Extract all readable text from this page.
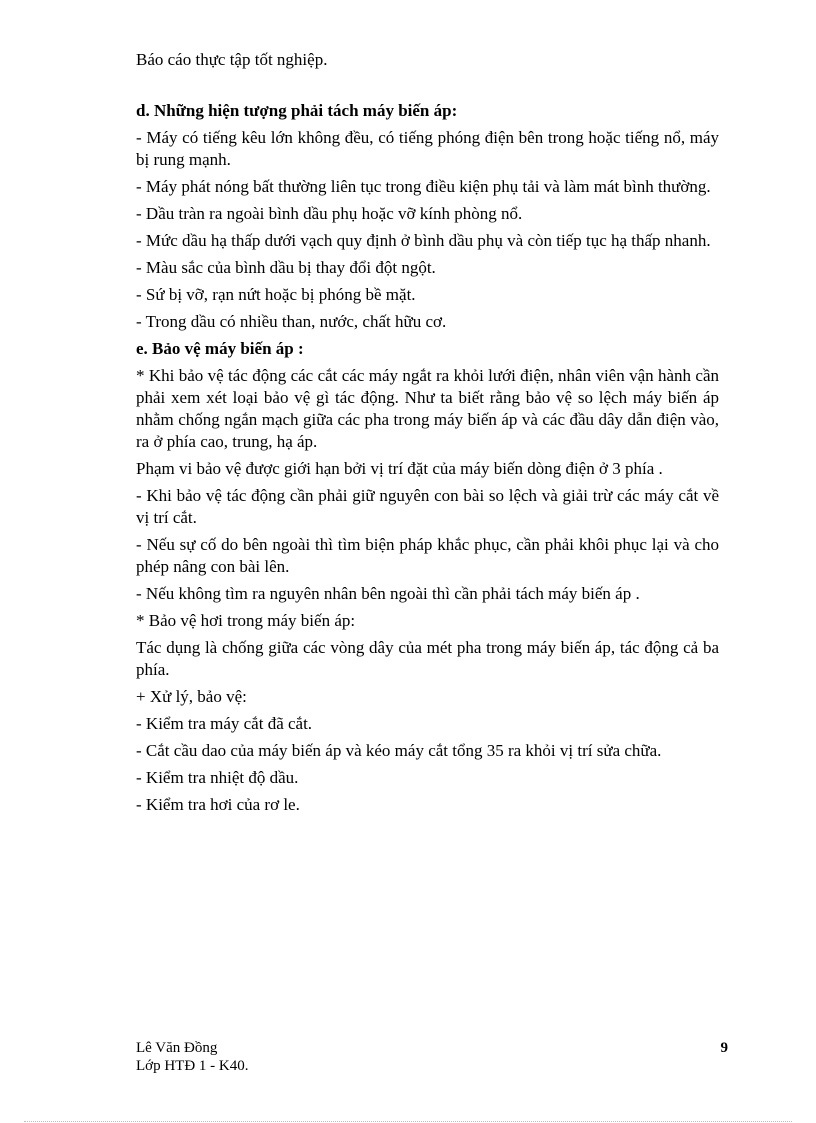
Báo cáo thực tập tốt nghiệp.

d. Những hiện tượng phải tách máy biến áp:

- Máy có tiếng kêu lớn không đều, có tiếng phóng điện bên trong hoặc tiếng nổ, máy bị rung mạnh.

- Máy phát nóng bất thường liên tục trong điều kiện phụ tải và làm mát bình thường.

- Dầu tràn ra ngoài bình dầu phụ hoặc vỡ kính phòng nổ.

- Mức dầu hạ thấp dưới vạch quy định ở bình dầu phụ và còn tiếp tục hạ thấp nhanh.

- Màu sắc của bình dầu bị thay đổi đột ngột.

- Sứ bị vỡ, rạn nứt hoặc bị phóng bề mặt.

- Trong dầu có nhiều than, nước, chất hữu cơ.

e. Bảo vệ máy biến áp :

* Khi bảo vệ tác động các cắt các máy ngắt ra khỏi lưới điện, nhân viên vận hành cần phải xem xét loại bảo vệ gì tác động. Như ta biết rằng bảo vệ so lệch máy biến áp nhằm chống ngắn mạch giữa các pha trong máy biến áp và các đầu dây dẫn điện vào, ra ở phía cao, trung, hạ áp.

Phạm vi bảo vệ được giới hạn bởi vị trí đặt của máy biến dòng điện ở 3 phía .

- Khi bảo vệ tác động cần phải giữ nguyên con bài so lệch và giải trừ các máy cắt về vị trí cắt.

- Nếu sự cố do bên ngoài thì tìm biện pháp khắc phục, cần phải khôi phục lại và cho phép nâng con bài lên.

- Nếu không tìm ra nguyên nhân bên ngoài thì cần phải tách máy biến áp .

* Bảo vệ hơi trong máy biến áp:

Tác dụng là chống giữa các vòng dây của mét pha trong máy biến áp, tác động cả ba phía.

+ Xử lý, bảo vệ:

- Kiểm tra máy cắt đã cắt.

- Cắt cầu dao của máy biến áp và kéo máy cắt tổng 35 ra khỏi vị trí sửa chữa.

- Kiểm tra nhiệt độ dầu.

- Kiểm tra hơi của rơ le.

Lê Văn Đồng
Lớp HTĐ 1 - K40.
9
